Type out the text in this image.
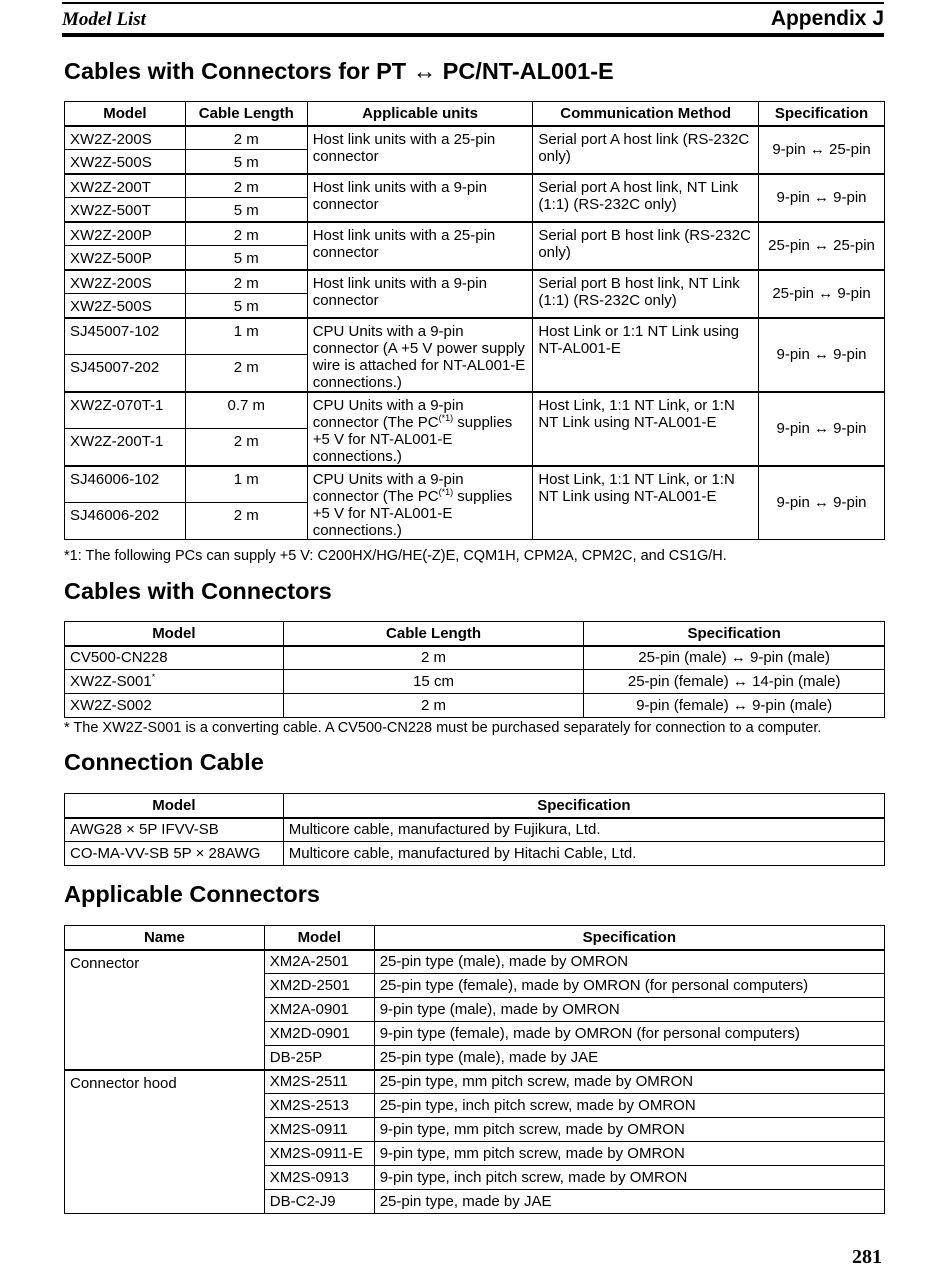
Model List	Appendix J
Cables with Connectors for PT ↔ PC/NT-AL001-E
Model	Cable Length	Applicable units	Communication Method	Specification
XW2Z-200S	2 m	Host link units with a 25-pin connector	Serial port A host link (RS-232C only)	9-pin ↔ 25-pin
XW2Z-500S	5 m			
XW2Z-200T	2 m	Host link units with a 9-pin connector	Serial port A host link, NT Link (1:1) (RS-232C only)	9-pin ↔ 9-pin
XW2Z-500T	5 m			
XW2Z-200P	2 m	Host link units with a 25-pin connector	Serial port B host link (RS-232C only)	25-pin ↔ 25-pin
XW2Z-500P	5 m			
XW2Z-200S	2 m	Host link units with a 9-pin connector	Serial port B host link, NT Link (1:1) (RS-232C only)	25-pin ↔ 9-pin
XW2Z-500S	5 m			
SJ45007-102	1 m	CPU Units with a 9-pin connector (A +5 V power supply wire is attached for NT-AL001-E connections.)	Host Link or 1:1 NT Link using NT-AL001-E	9-pin ↔ 9-pin
SJ45007-202	2 m			
XW2Z-070T-1	0.7 m	CPU Units with a 9-pin connector (The $PC^{(*1)}$ supplies +5 V for NT-AL001-E connections.)	Host Link, 1:1 NT Link, or 1:N NT Link using NT-AL001-E	9-pin ↔ 9-pin
XW2Z-200T-1	2 m			
SJ46006-102	1 m	CPU Units with a 9-pin connector (The $PC^{(*1)}$ supplies +5 V for NT-AL001-E connections.)	Host Link, 1:1 NT Link, or 1:N NT Link using NT-AL001-E	9-pin ↔ 9-pin
SJ46006-202	2 m			
*1: The following PCs can supply +5 V: C200HX/HG/HE(-Z)E, CQM1H, CPM2A, CPM2C, and CS1G/H.
Cables with Connectors
Model	Cable Length	Specification
CV500-CN228	2 m	25-pin (male) ↔ 9-pin (male)
XW2Z-S001*	15 cm	25-pin (female) ↔ 14-pin (male)
XW2Z-S002	2 m	9-pin (female) ↔ 9-pin (male)
* The XW2Z-S001 is a converting cable. A CV500-CN228 must be purchased separately for connection to a computer.
Connection Cable
Model	Specification
AWG28 × 5P IFVV-SB	Multicore cable, manufactured by Fujikura, Ltd.
CO-MA-VV-SB 5P × 28AWG	Multicore cable, manufactured by Hitachi Cable, Ltd.
Applicable Connectors
Name	Model	Specification
Connector	XM2A-2501	25-pin type (male), made by OMRON
	XM2D-2501	25-pin type (female), made by OMRON (for personal computers)
	XM2A-0901	9-pin type (male), made by OMRON
	XM2D-0901	9-pin type (female), made by OMRON (for personal computers)
	DB-25P	25-pin type (male), made by JAE
Connector hood	XM2S-2511	25-pin type, mm pitch screw, made by OMRON
	XM2S-2513	25-pin type, inch pitch screw, made by OMRON
	XM2S-0911	9-pin type, mm pitch screw, made by OMRON
	XM2S-0911-E	9-pin type, mm pitch screw, made by OMRON
	XM2S-0913	9-pin type, inch pitch screw, made by OMRON
	DB-C2-J9	25-pin type, made by JAE
281
